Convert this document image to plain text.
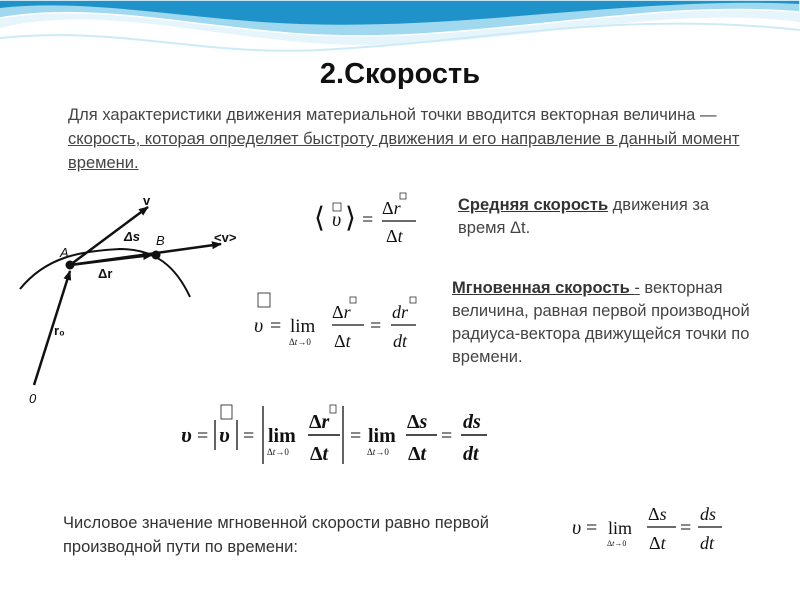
2.Скорость
Для характеристики движения материальной точки вводится векторная величина — скорость, которая определяет быстроту движения и его направление в данный момент времени.
v
<v>
Δs
Δr
A
B
r₀
0
⟨ υ ⟩ =
Δr
Δt
Средняя скорость движения за время Δt.
υ = lim
Δt→0
Δr
Δt
=
dr
dt
Мгновенная скорость - векторная величина, равная первой производной радиуса-вектора движущейся точки по времени.
υ = υ = lim
Δt→0
Δr
Δt
= lim
Δt→0
Δs
Δt
=
ds
dt
Числовое значение мгновенной скорости равно первой производной пути по времени:
υ = lim
Δt→0
Δs
Δt
=
ds
dt
